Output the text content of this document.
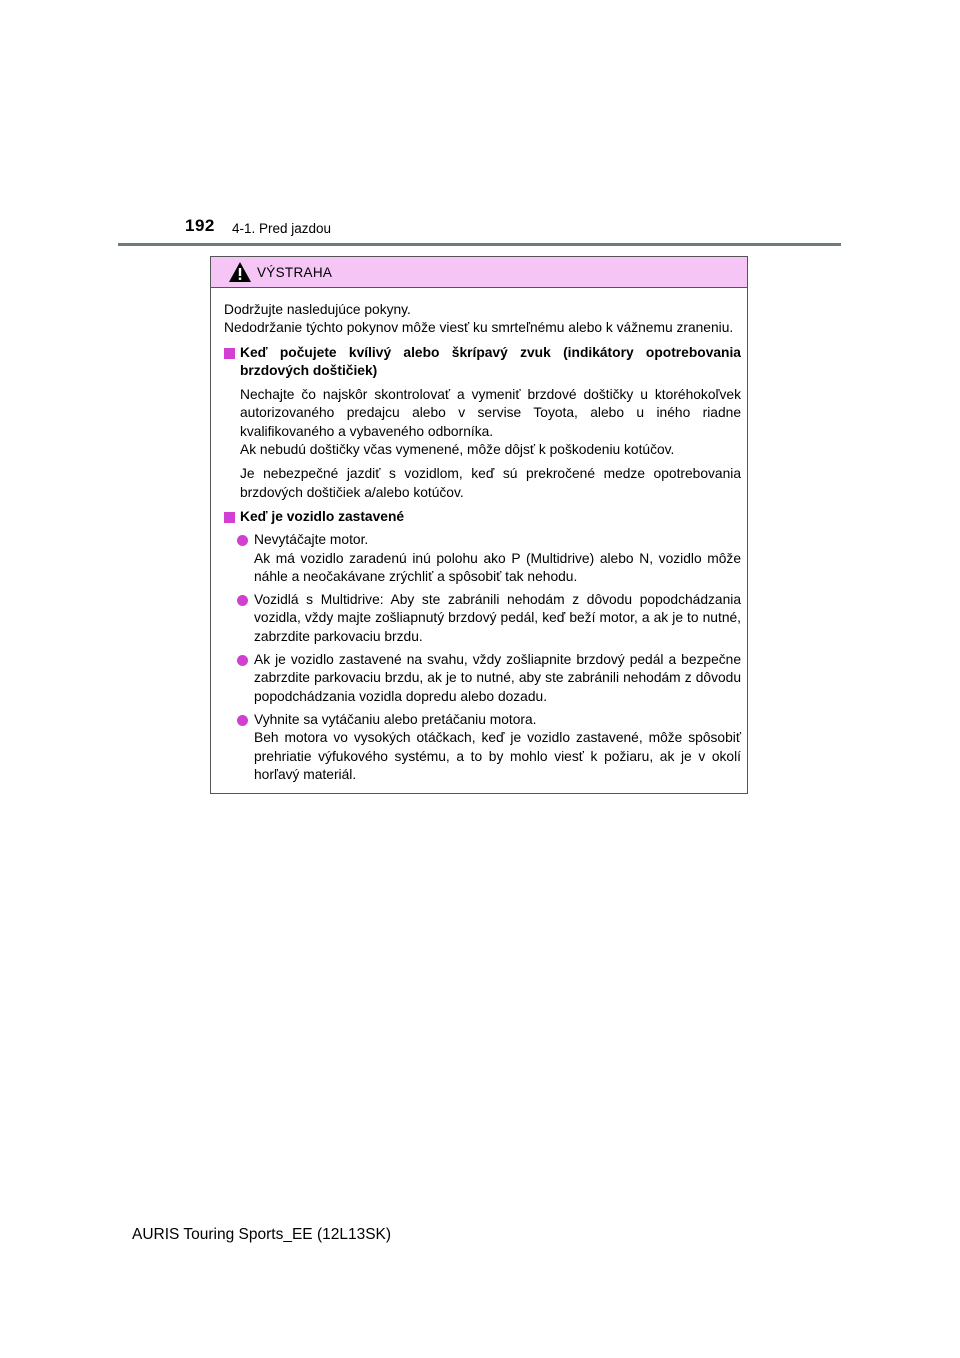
192 4-1. Pred jazdou
VÝSTRAHA

Dodržujte nasledujúce pokyny.

Nedodržanie týchto pokynov môže viesť ku smrteľnému alebo k vážnemu zraneniu.

Keď počujete kvílivý alebo škrípavý zvuk (indikátory opotrebovania brzdových doštičiek)
Nechajte čo najskôr skontrolovať a vymeniť brzdové doštičky u ktoréhokoľvek autorizovaného predajcu alebo v servise Toyota, alebo u iného riadne kvalifikovaného a vybaveného odborníka.
Ak nebudú doštičky včas vymenené, môže dôjsť k poškodeniu kotúčov.
Je nebezpečné jazdiť s vozidlom, keď sú prekročené medze opotrebovania brzdových doštičiek a/alebo kotúčov.
Keď je vozidlo zastavené
Nevytáčajte motor.
Ak má vozidlo zaradenú inú polohu ako P (Multidrive) alebo N, vozidlo môže náhle a neočakávane zrýchliť a spôsobiť tak nehodu.
Vozidlá s Multidrive: Aby ste zabránili nehodám z dôvodu popodchádzania vozidla, vždy majte zošliapnutý brzdový pedál, keď beží motor, a ak je to nutné, zabrzdite parkovaciu brzdu.
Ak je vozidlo zastavené na svahu, vždy zošliapnite brzdový pedál a bezpečne zabrzdite parkovaciu brzdu, ak je to nutné, aby ste zabránili nehodám z dôvodu popodchádzania vozidla dopredu alebo dozadu.
Vyhnite sa vytáčaniu alebo pretáčaniu motora.
Beh motora vo vysokých otáčkach, keď je vozidlo zastavené, môže spôsobiť prehriatie výfukového systému, a to by mohlo viesť k požiaru, ak je v okolí horľavý materiál.
AURIS Touring Sports_EE (12L13SK)
